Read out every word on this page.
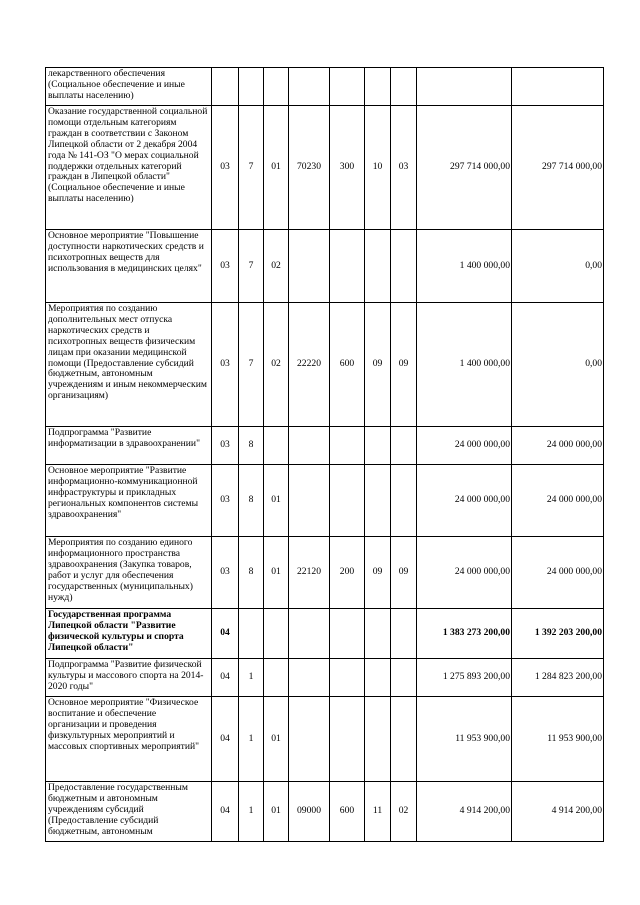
лекарственного обеспечения (Социальное обеспечение и иные выплаты населению)									
Оказание государственной социальной помощи отдельным категориям граждан в соответствии с Законом Липецкой области от 2 декабря 2004 года № 141-ОЗ "О мерах социальной поддержки отдельных категорий граждан в Липецкой области" (Социальное обеспечение и иные выплаты населению)	03	7	01	70230	300	10	03	297 714 000,00	297 714 000,00
Основное мероприятие "Повышение доступности наркотических средств и психотропных веществ для использования в медицинских целях"	03	7	02					1 400 000,00	0,00
Мероприятия по созданию дополнительных мест отпуска наркотических средств и психотропных веществ физическим лицам при оказании медицинской помощи (Предоставление субсидий бюджетным, автономным учреждениям и иным некоммерческим организациям)	03	7	02	22220	600	09	09	1 400 000,00	0,00
Подпрограмма "Развитие информатизации в здравоохранении"	03	8						24 000 000,00	24 000 000,00
Основное мероприятие "Развитие информационно-коммуникационной инфраструктуры и прикладных региональных компонентов системы здравоохранения"	03	8	01					24 000 000,00	24 000 000,00
Мероприятия по созданию единого информационного пространства здравоохранения (Закупка товаров, работ и услуг для обеспечения государственных (муниципальных) нужд)	03	8	01	22120	200	09	09	24 000 000,00	24 000 000,00
Государственная программа Липецкой области "Развитие физической культуры и спорта Липецкой области"	04							1 383 273 200,00	1 392 203 200,00
Подпрограмма "Развитие физической культуры и массового спорта на 2014-2020 годы"	04	1						1 275 893 200,00	1 284 823 200,00
Основное мероприятие "Физическое воспитание и обеспечение организации и проведения физкультурных мероприятий и массовых спортивных мероприятий"	04	1	01					11 953 900,00	11 953 900,00
Предоставление государственным бюджетным и автономным учреждениям субсидий (Предоставление субсидий бюджетным, автономным	04	1	01	09000	600	11	02	4 914 200,00	4 914 200,00
